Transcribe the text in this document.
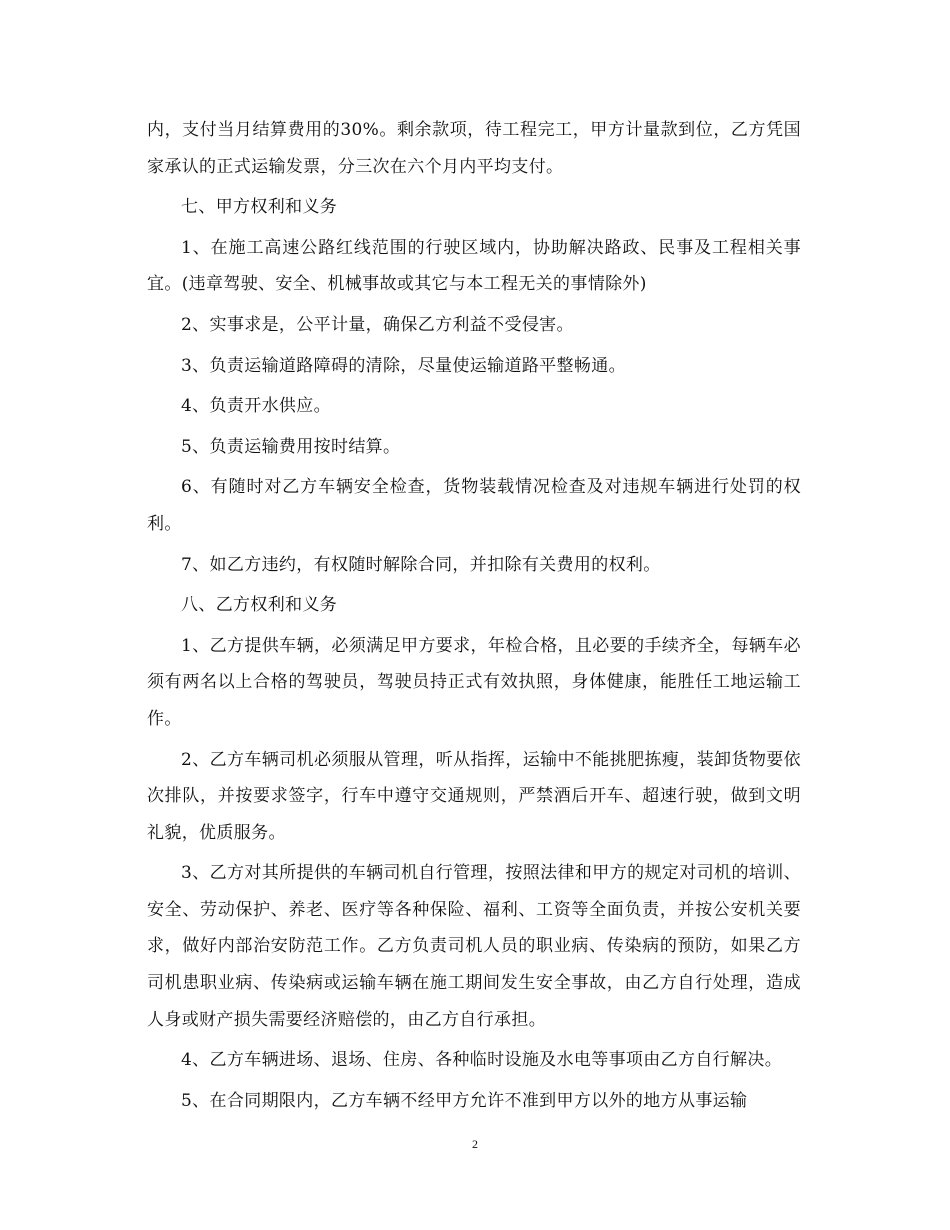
内，支付当月结算费用的30%。剩余款项，待工程完工，甲方计量款到位，乙方凭国家承认的正式运输发票，分三次在六个月内平均支付。

七、甲方权利和义务

1、在施工高速公路红线范围的行驶区域内，协助解决路政、民事及工程相关事宜。(违章驾驶、安全、机械事故或其它与本工程无关的事情除外)

2、实事求是，公平计量，确保乙方利益不受侵害。

3、负责运输道路障碍的清除，尽量使运输道路平整畅通。

4、负责开水供应。

5、负责运输费用按时结算。

6、有随时对乙方车辆安全检查，货物装载情况检查及对违规车辆进行处罚的权利。

7、如乙方违约，有权随时解除合同，并扣除有关费用的权利。

八、乙方权利和义务

1、乙方提供车辆，必须满足甲方要求，年检合格，且必要的手续齐全，每辆车必须有两名以上合格的驾驶员，驾驶员持正式有效执照，身体健康，能胜任工地运输工作。

2、乙方车辆司机必须服从管理，听从指挥，运输中不能挑肥拣瘦，装卸货物要依次排队，并按要求签字，行车中遵守交通规则，严禁酒后开车、超速行驶，做到文明礼貌，优质服务。

3、乙方对其所提供的车辆司机自行管理，按照法律和甲方的规定对司机的培训、安全、劳动保护、养老、医疗等各种保险、福利、工资等全面负责，并按公安机关要求，做好内部治安防范工作。乙方负责司机人员的职业病、传染病的预防，如果乙方司机患职业病、传染病或运输车辆在施工期间发生安全事故，由乙方自行处理，造成人身或财产损失需要经济赔偿的，由乙方自行承担。

4、乙方车辆进场、退场、住房、各种临时设施及水电等事项由乙方自行解决。

5、在合同期限内，乙方车辆不经甲方允许不准到甲方以外的地方从事运输

2
